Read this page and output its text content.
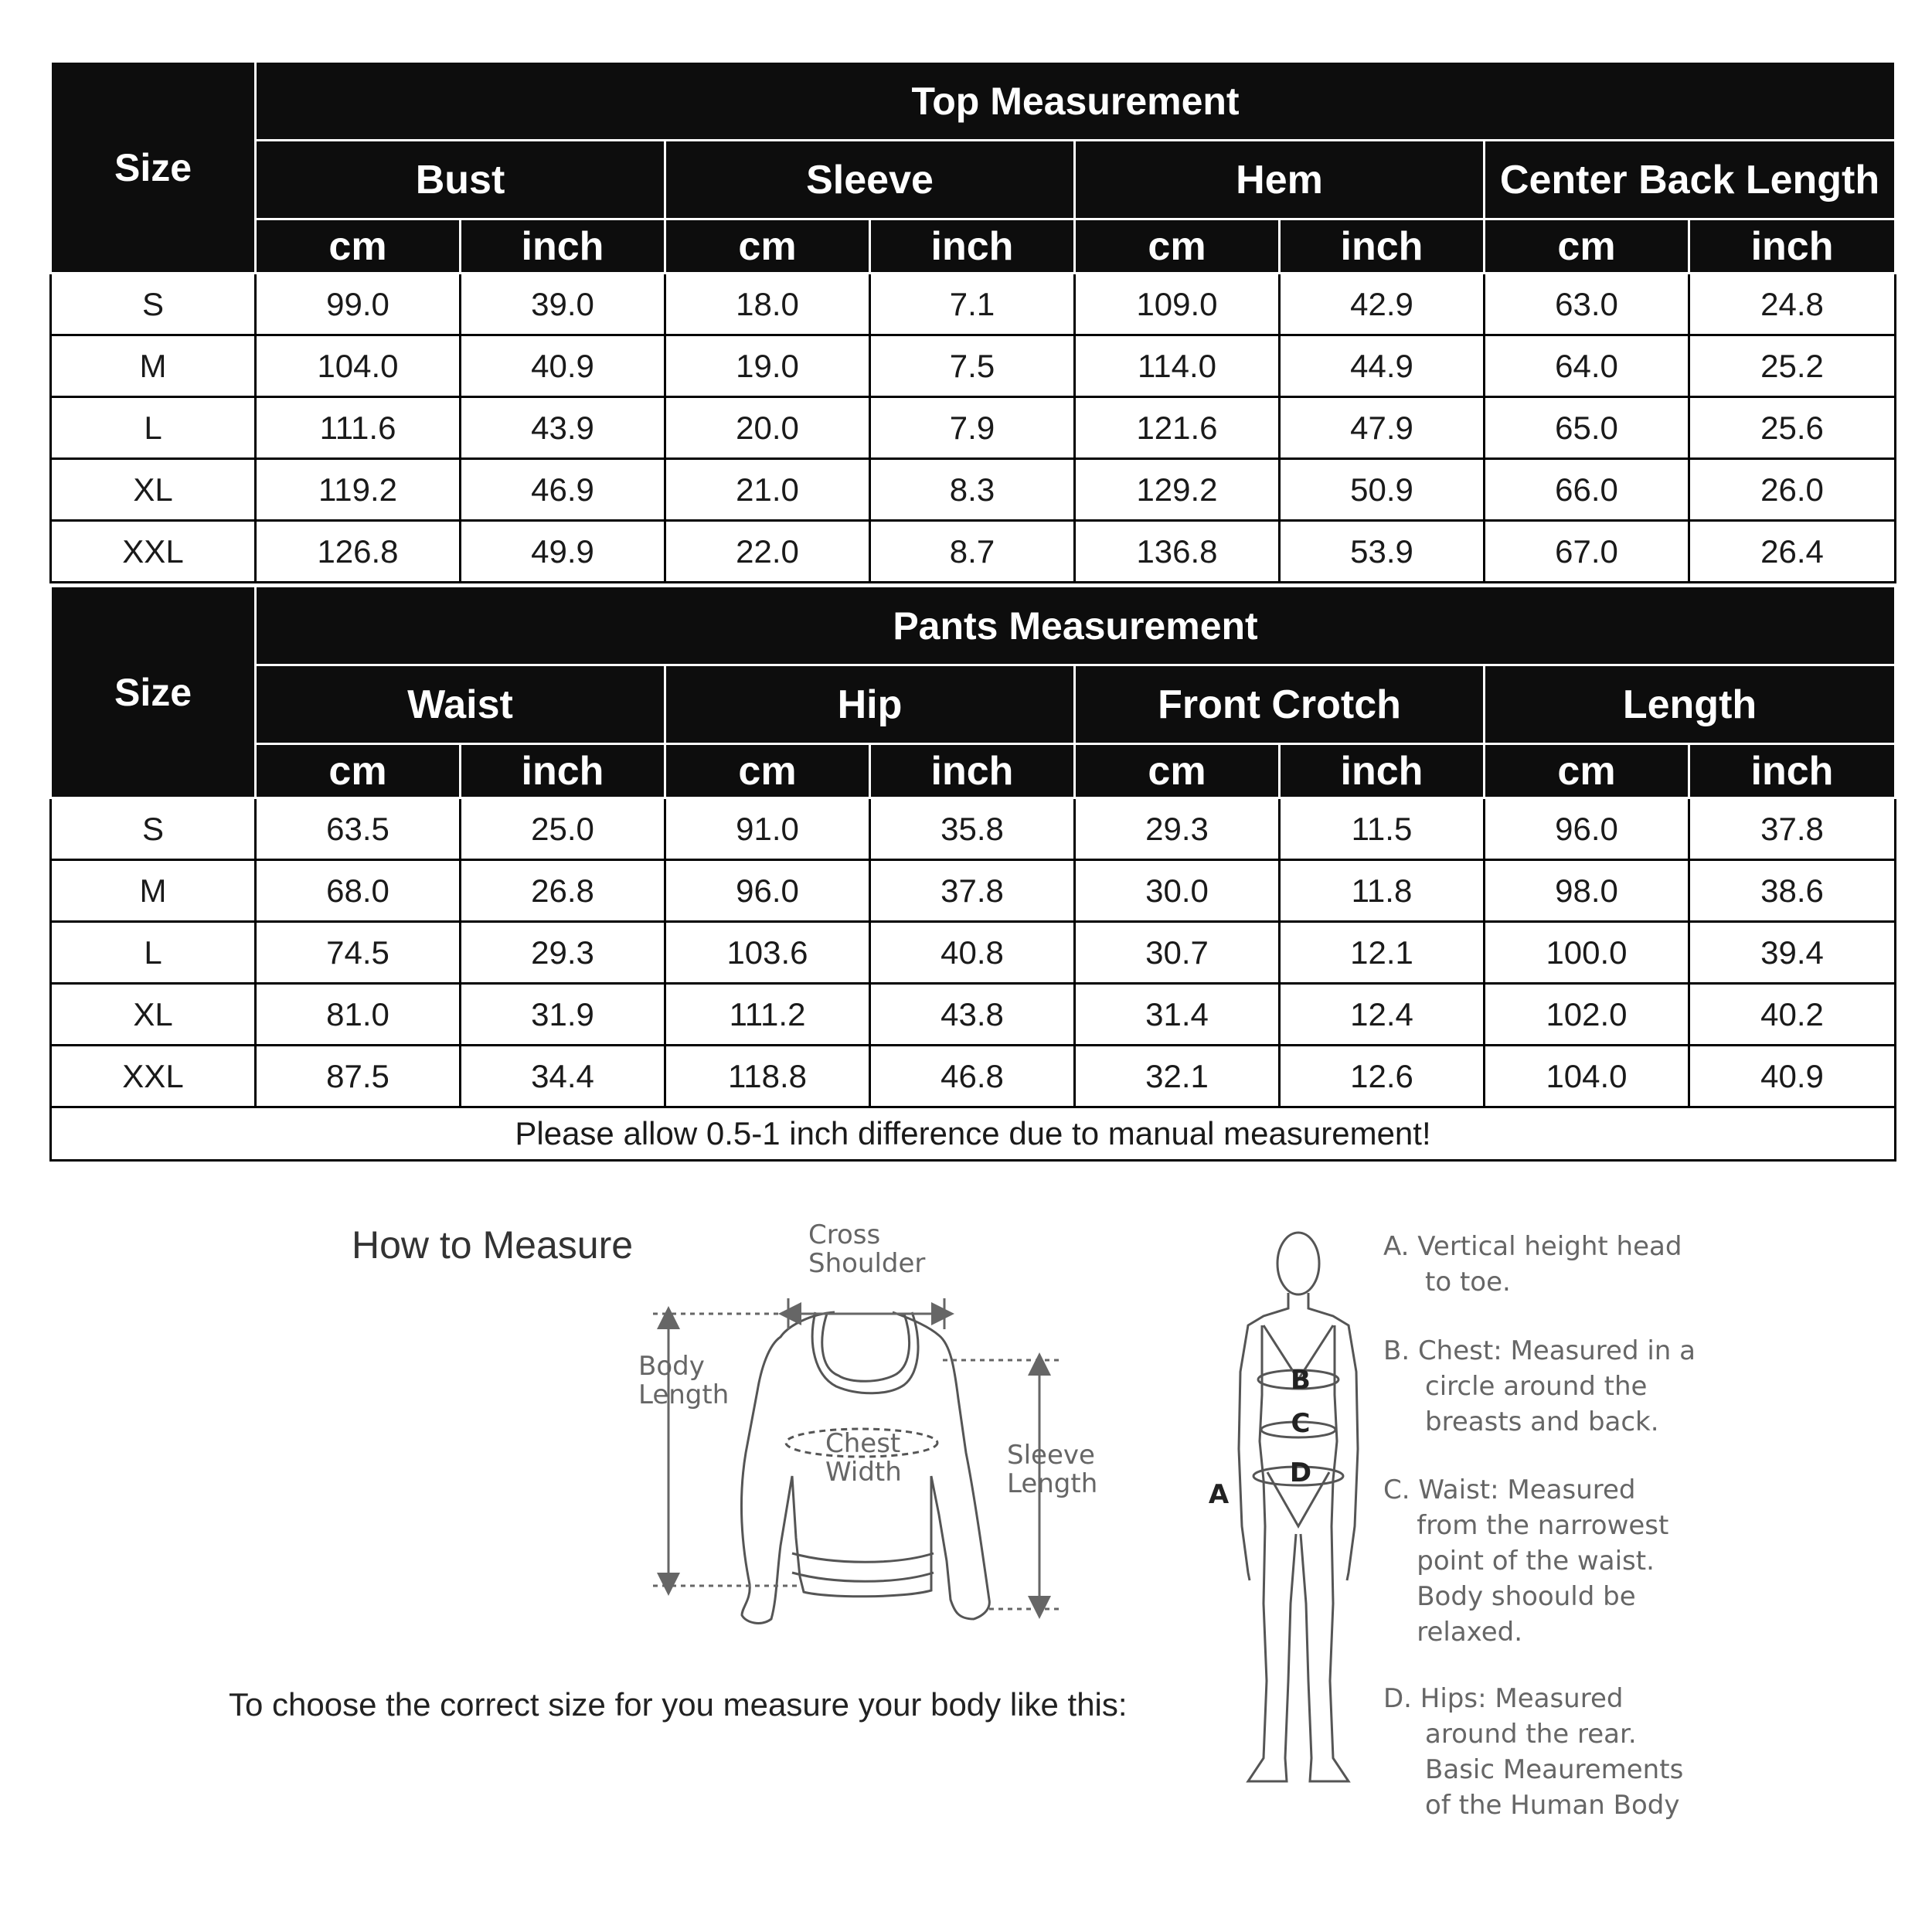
Size	Top Measurement							
	Bust		Sleeve		Hem		Center Back Length	
	cm	inch	cm	inch	cm	inch	cm	inch
S	99.0	39.0	18.0	7.1	109.0	42.9	63.0	24.8
M	104.0	40.9	19.0	7.5	114.0	44.9	64.0	25.2
L	111.6	43.9	20.0	7.9	121.6	47.9	65.0	25.6
XL	119.2	46.9	21.0	8.3	129.2	50.9	66.0	26.0
XXL	126.8	49.9	22.0	8.7	136.8	53.9	67.0	26.4
Size	Pants Measurement							
	Waist		Hip		Front Crotch		Length	
	cm	inch	cm	inch	cm	inch	cm	inch
S	63.5	25.0	91.0	35.8	29.3	11.5	96.0	37.8
M	68.0	26.8	96.0	37.8	30.0	11.8	98.0	38.6
L	74.5	29.3	103.6	40.8	30.7	12.1	100.0	39.4
XL	81.0	31.9	111.2	43.8	31.4	12.4	102.0	40.2
XXL	87.5	34.4	118.8	46.8	32.1	12.6	104.0	40.9
Please allow 0.5-1 inch difference due to manual measurement!								
How to Measure
To choose the correct size for you measure your body like this:
Cross
Shoulder
Body
Length
Chest
Width
Sleeve
Length
B
C
D
A
A. Vertical height head
to toe.
B. Chest: Measured in a
circle around the
breasts and back.
C. Waist: Measured
from the narrowest
point of the waist.
Body shoould be
relaxed.
D. Hips: Measured
around the rear.
Basic Meaurements
of the Human Body
